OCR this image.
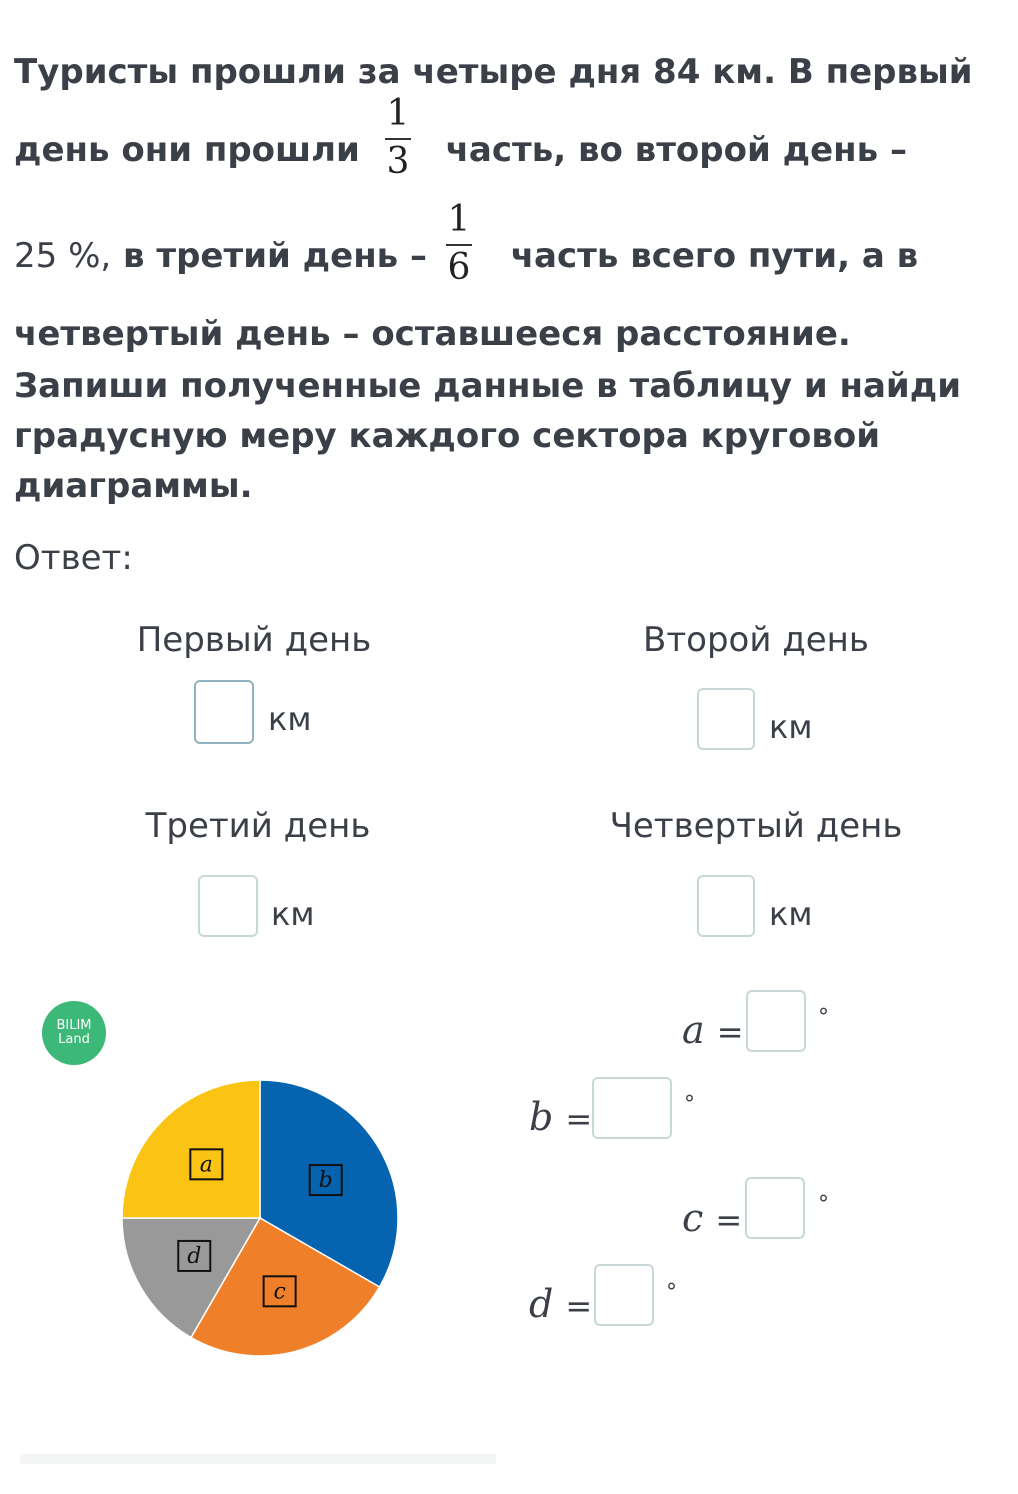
Туристы прошли за четыре дня 84 км. В первый
день они прошли	часть, во второй день –
1
3
25 %, в третий день – часть всего пути, а в
1
6
четвертый день – оставшееся расстояние.
Запиши полученные данные в таблицу и найди
градусную меру каждого сектора круговой
диаграммы.
Ответ:
Первый день
км
Второй день
км
Третий день
км
Четвертый день
км
BILIM
Land
b
c
d
a
a =	°
b =	°
c =	°
d =	°
